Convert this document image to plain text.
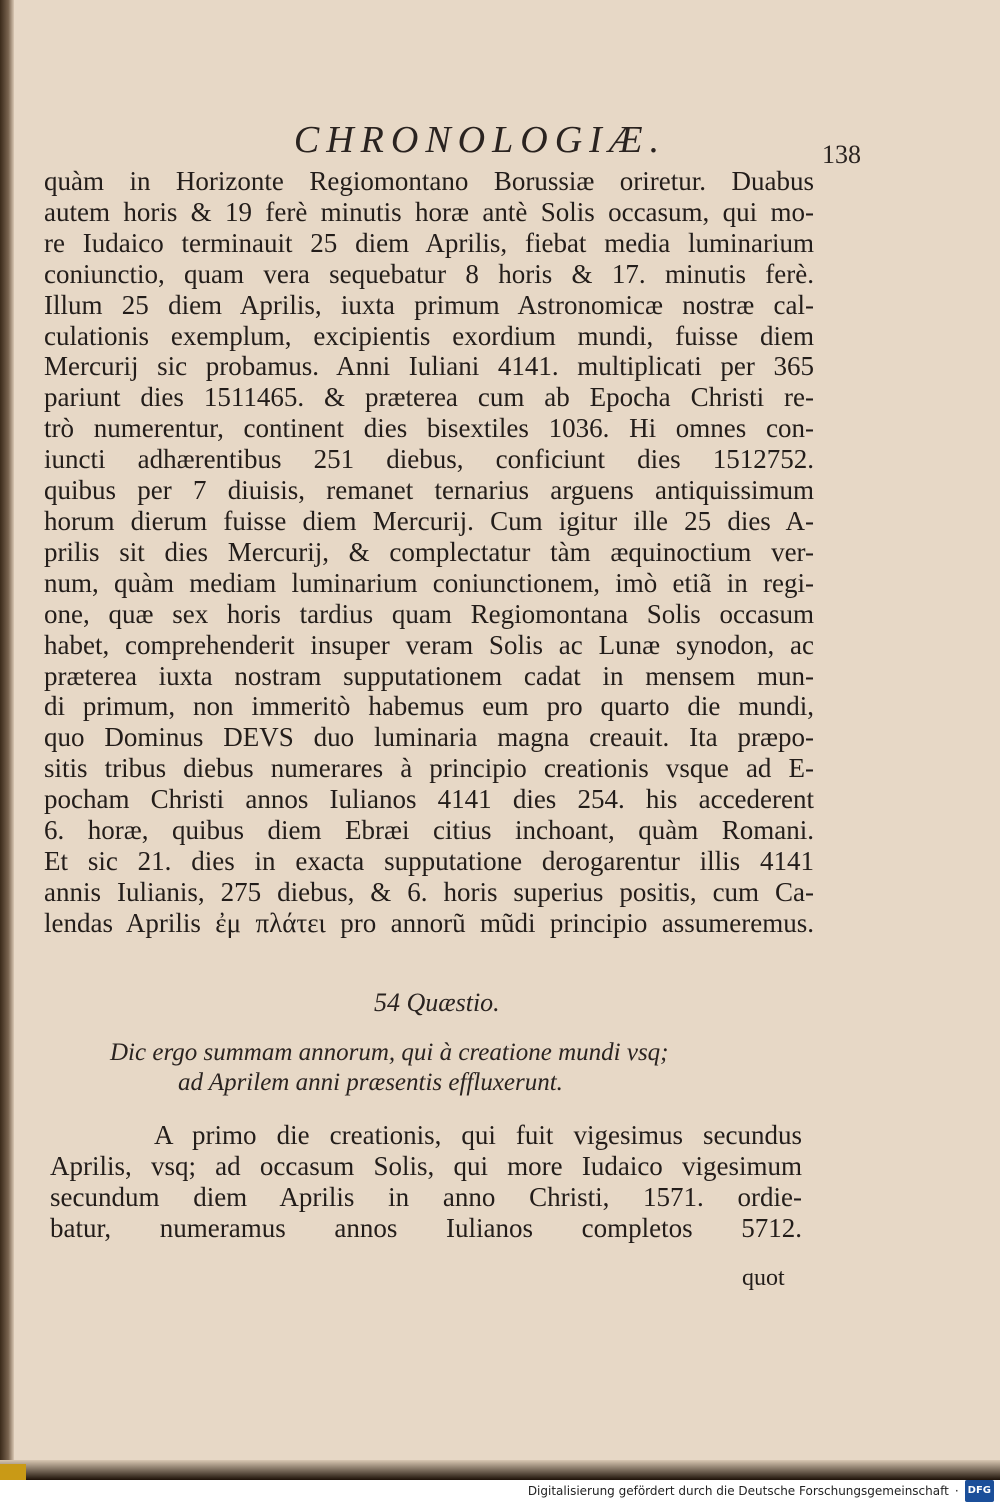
CHRONOLOGIÆ.	138
quàm in Horizonte Regiomontano Borussiæ oriretur. Duabus
autem horis & 19 ferè minutis horæ antè Solis occasum, qui mo-
re Iudaico terminauit 25 diem Aprilis, fiebat media luminarium
coniunctio, quam vera sequebatur 8 horis & 17. minutis ferè.
Illum 25 diem Aprilis, iuxta primum Astronomicæ nostræ cal-
culationis exemplum, excipientis exordium mundi, fuisse diem
Mercurij sic probamus. Anni Iuliani 4141. multiplicati per 365
pariunt dies 1511465. & præterea cum ab Epocha Christi re-
trò numerentur, continent dies bisextiles 1036. Hi omnes con-
iuncti adhærentibus 251 diebus, conficiunt dies 1512752.
quibus per 7 diuisis, remanet ternarius arguens antiquissimum
horum dierum fuisse diem Mercurij. Cum igitur ille 25 dies A-
prilis sit dies Mercurij, & complectatur tàm æquinoctium ver-
num, quàm mediam luminarium coniunctionem, imò etiã in regi-
one, quæ sex horis tardius quam Regiomontana Solis occasum
habet, comprehenderit insuper veram Solis ac Lunæ synodon, ac
præterea iuxta nostram supputationem cadat in mensem mun-
di primum, non immeritò habemus eum pro quarto die mundi,
quo Dominus DEVS duo luminaria magna creauit. Ita præpo-
sitis tribus diebus numerares à principio creationis vsque ad E-
pocham Christi annos Iulianos 4141 dies 254. his accederent
6. horæ, quibus diem Ebræi citius inchoant, quàm Romani.
Et sic 21. dies in exacta supputatione derogarentur illis 4141
annis Iulianis, 275 diebus, & 6. horis superius positis, cum Ca-
lendas Aprilis ἐμ πλάτει pro annorũ mũdi principio assumeremus.
54 Quæstio.
Dic ergo summam annorum, qui à creatione mundi vsq;
ad Aprilem anni præsentis effluxerunt.
A primo die creationis, qui fuit vigesimus secundus
Aprilis, vsq; ad occasum Solis, qui more Iudaico vigesimum
secundum diem Aprilis in anno Christi, 1571. ordie-
batur, numeramus annos Iulianos completos 5712.
quot
Digitalisierung gefördert durch die Deutsche Forschungsgemeinschaft · DFG
